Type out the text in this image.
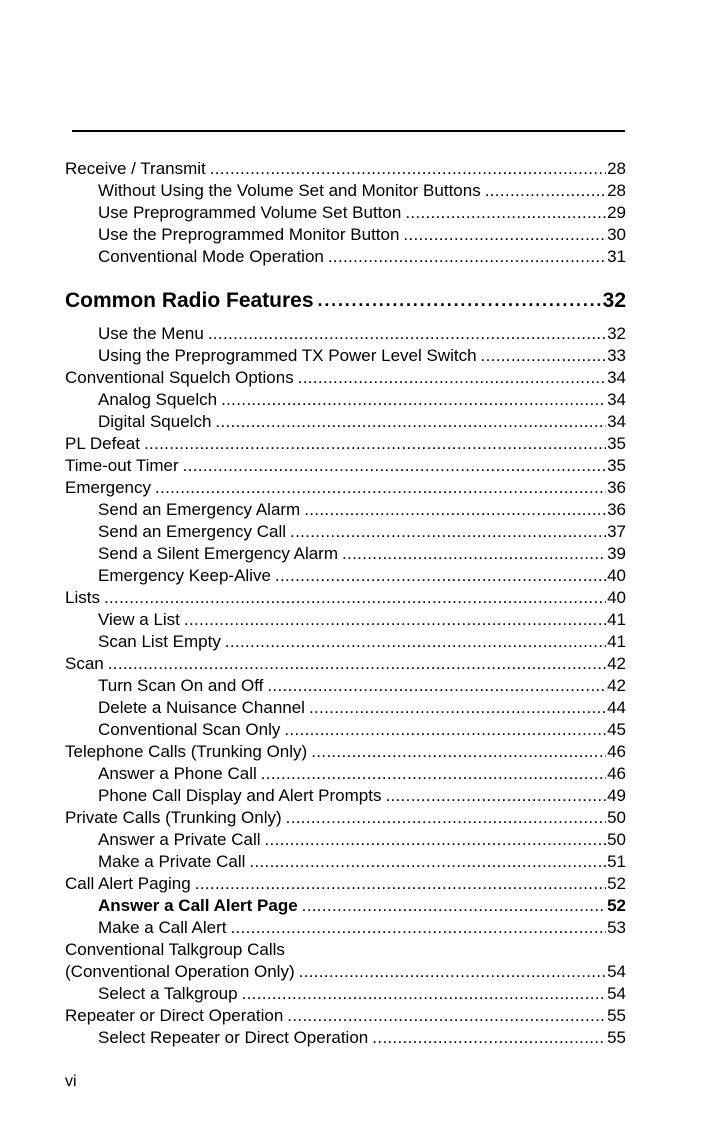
Receive / Transmit . . .	28
Without Using the Volume Set and Monitor Buttons . . .	28
Use Preprogrammed Volume Set Button . . .	29
Use the Preprogrammed Monitor Button . . .	30
Conventional Mode Operation . . .	31
Common Radio Features . . .	32
Use the Menu . . .	32
Using the Preprogrammed TX Power Level Switch . . .	33
Conventional Squelch Options . . .	34
Analog Squelch . . .	34
Digital Squelch . . .	34
PL Defeat . . .	35
Time-out Timer . . .	35
Emergency . . .	36
Send an Emergency Alarm . . .	36
Send an Emergency Call . . .	37
Send a Silent Emergency Alarm . . .	39
Emergency Keep-Alive . . .	40
Lists . . .	40
View a List . . .	41
Scan List Empty . . .	41
Scan . . .	42
Turn Scan On and Off . . .	42
Delete a Nuisance Channel . . .	44
Conventional Scan Only . . .	45
Telephone Calls (Trunking Only) . . .	46
Answer a Phone Call . . .	46
Phone Call Display and Alert Prompts . . .	49
Private Calls (Trunking Only) . . .	50
Answer a Private Call . . .	50
Make a Private Call . . .	51
Call Alert Paging . . .	52
Answer a Call Alert Page . . .	52
Make a Call Alert . . .	53
Conventional Talkgroup Calls
(Conventional Operation Only) . . .	54
Select a Talkgroup . . .	54
Repeater or Direct Operation . . .	55
Select Repeater or Direct Operation . . .	55
vi
